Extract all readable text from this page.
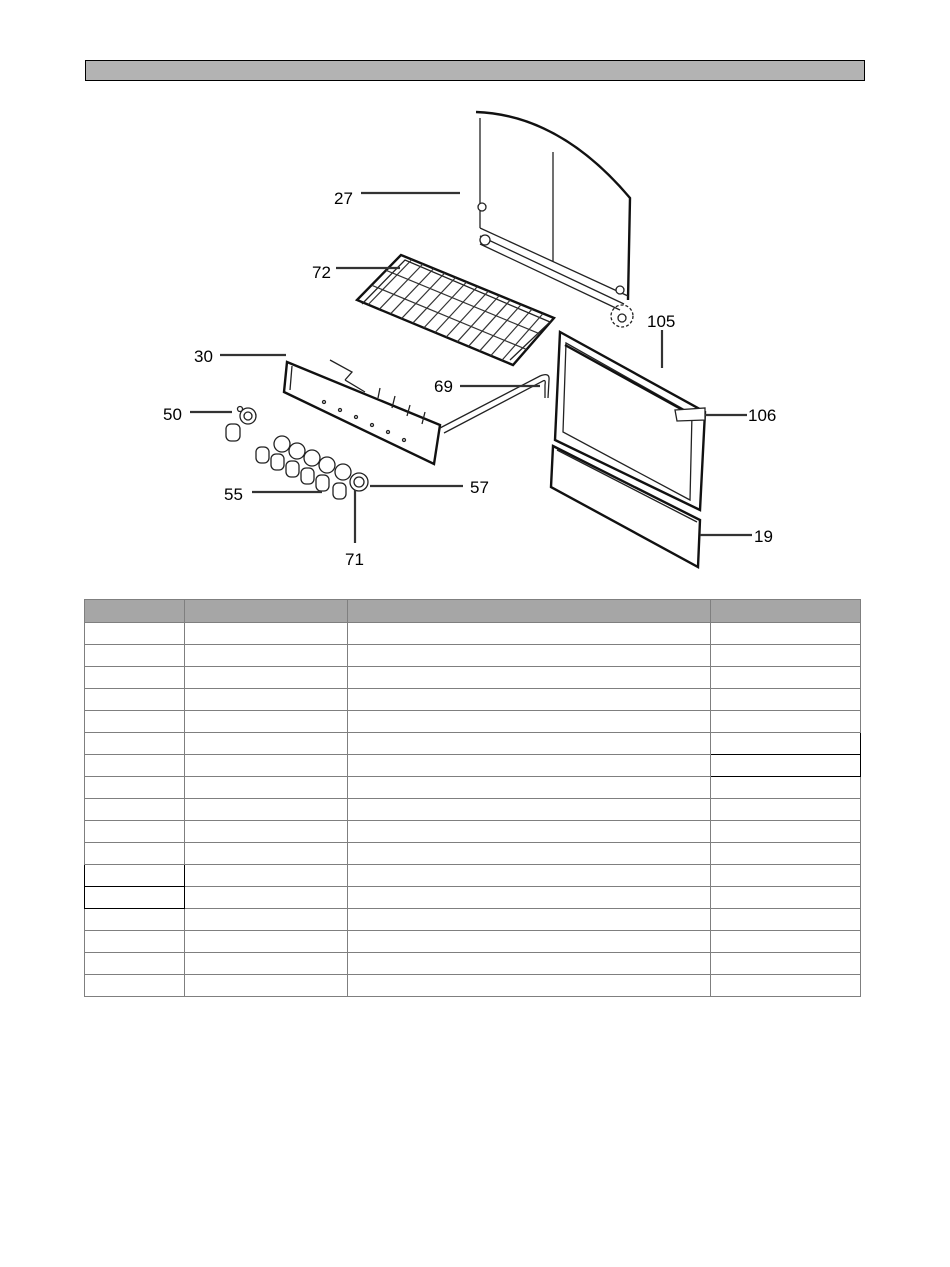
27
72
105
30
69
50	106
55	57
19
71
